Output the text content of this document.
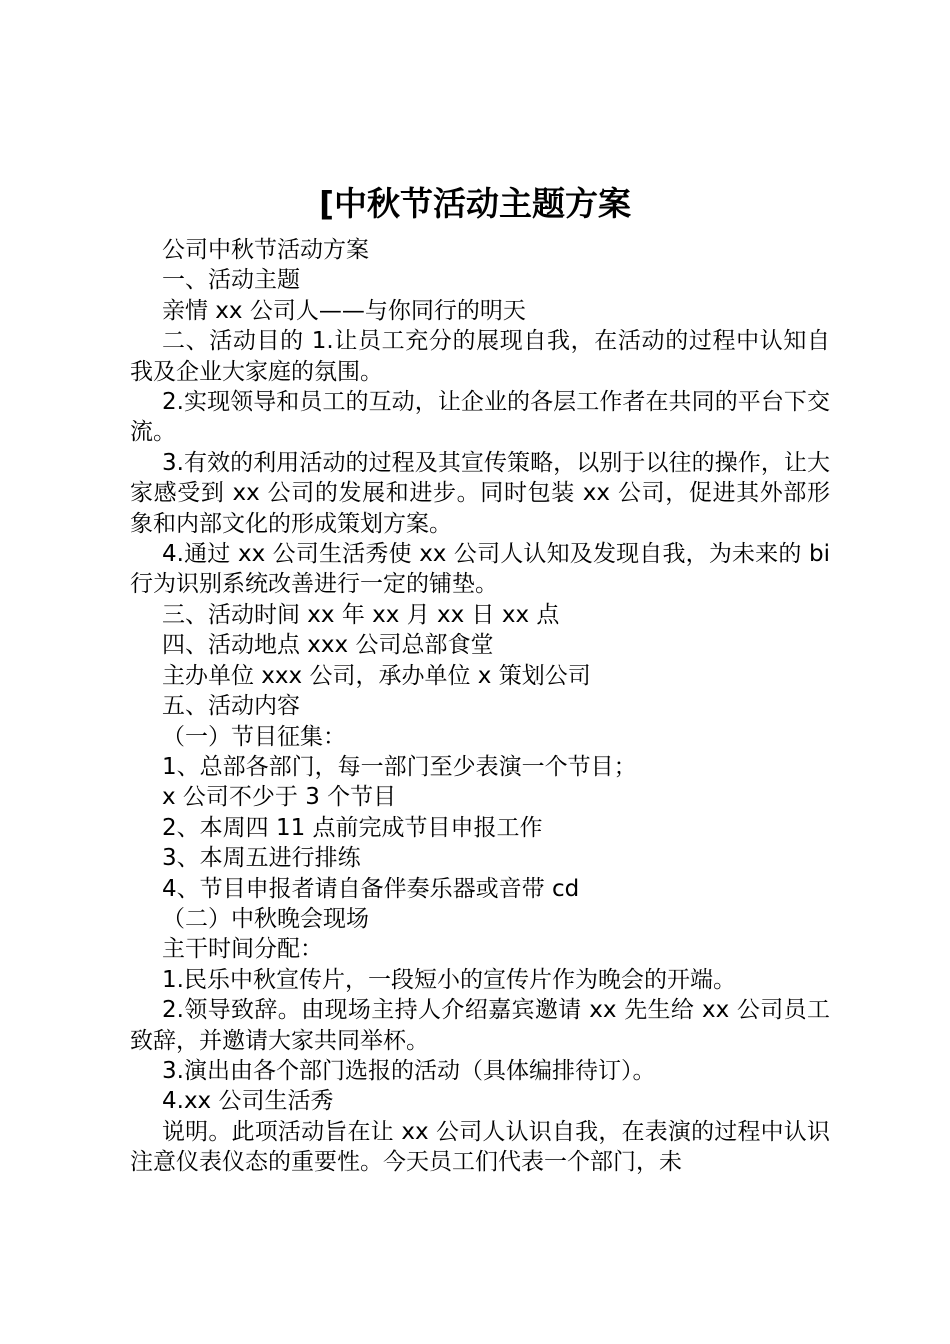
[中秋节活动主题方案

公司中秋节活动方案

一、活动主题

亲情 xx 公司人——与你同行的明天

二、活动目的 1.让员工充分的展现自我，在活动的过程中认知自我及企业大家庭的氛围。

2.实现领导和员工的互动，让企业的各层工作者在共同的平台下交流。

3.有效的利用活动的过程及其宣传策略，以别于以往的操作，让大家感受到 xx 公司的发展和进步。同时包装 xx 公司，促进其外部形象和内部文化的形成策划方案。

4.通过 xx 公司生活秀使 xx 公司人认知及发现自我，为未来的 bi 行为识别系统改善进行一定的铺垫。

三、活动时间 xx 年 xx 月 xx 日 xx 点

四、活动地点 xxx 公司总部食堂

主办单位 xxx 公司，承办单位 x 策划公司

五、活动内容

（一）节目征集：

1、总部各部门，每一部门至少表演一个节目；

x 公司不少于 3 个节目

2、本周四 11 点前完成节目申报工作

3、本周五进行排练

4、节目申报者请自备伴奏乐器或音带 cd

（二）中秋晚会现场

主干时间分配：

1.民乐中秋宣传片，一段短小的宣传片作为晚会的开端。

2.领导致辞。由现场主持人介绍嘉宾邀请 xx 先生给 xx 公司员工致辞，并邀请大家共同举杯。

3.演出由各个部门选报的活动（具体编排待订）。

4.xx 公司生活秀

说明。此项活动旨在让 xx 公司人认识自我，在表演的过程中认识注意仪表仪态的重要性。今天员工们代表一个部门，未
